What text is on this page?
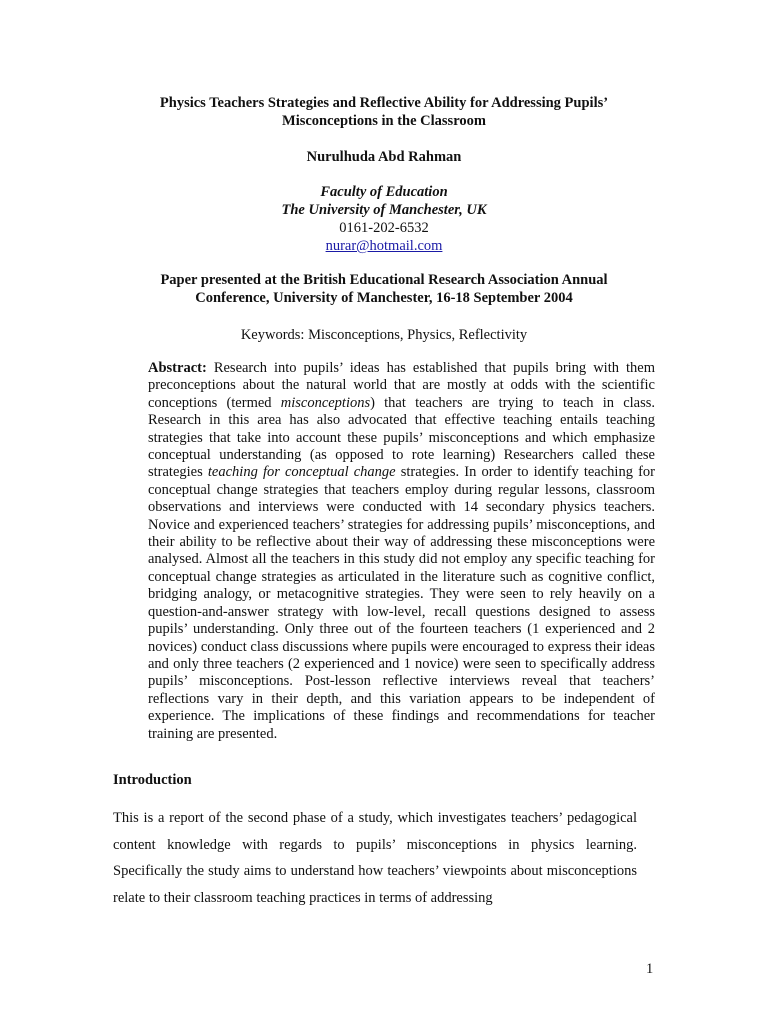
Physics Teachers Strategies and Reflective Ability for Addressing Pupils’
Misconceptions in the Classroom
Nurulhuda Abd Rahman
Faculty of Education
The University of Manchester, UK
0161-202-6532
nurar@hotmail.com
Paper presented at the British Educational Research Association Annual
Conference, University of Manchester, 16-18 September 2004
Keywords: Misconceptions, Physics, Reflectivity
Abstract: Research into pupils’ ideas has established that pupils bring with them preconceptions about the natural world that are mostly at odds with the scientific conceptions (termed misconceptions) that teachers are trying to teach in class. Research in this area has also advocated that effective teaching entails teaching strategies that take into account these pupils’ misconceptions and which emphasize conceptual understanding (as opposed to rote learning) Researchers called these strategies teaching for conceptual change strategies. In order to identify teaching for conceptual change strategies that teachers employ during regular lessons, classroom observations and interviews were conducted with 14 secondary physics teachers. Novice and experienced teachers’ strategies for addressing pupils’ misconceptions, and their ability to be reflective about their way of addressing these misconceptions were analysed. Almost all the teachers in this study did not employ any specific teaching for conceptual change strategies as articulated in the literature such as cognitive conflict, bridging analogy, or metacognitive strategies. They were seen to rely heavily on a question-and-answer strategy with low-level, recall questions designed to assess pupils’ understanding. Only three out of the fourteen teachers (1 experienced and 2 novices) conduct class discussions where pupils were encouraged to express their ideas and only three teachers (2 experienced and 1 novice) were seen to specifically address pupils’ misconceptions. Post-lesson reflective interviews reveal that teachers’ reflections vary in their depth, and this variation appears to be independent of experience. The implications of these findings and recommendations for teacher training are presented.
Introduction
This is a report of the second phase of a study, which investigates teachers’ pedagogical content knowledge with regards to pupils’ misconceptions in physics learning. Specifically the study aims to understand how teachers’ viewpoints about misconceptions relate to their classroom teaching practices in terms of addressing
1
